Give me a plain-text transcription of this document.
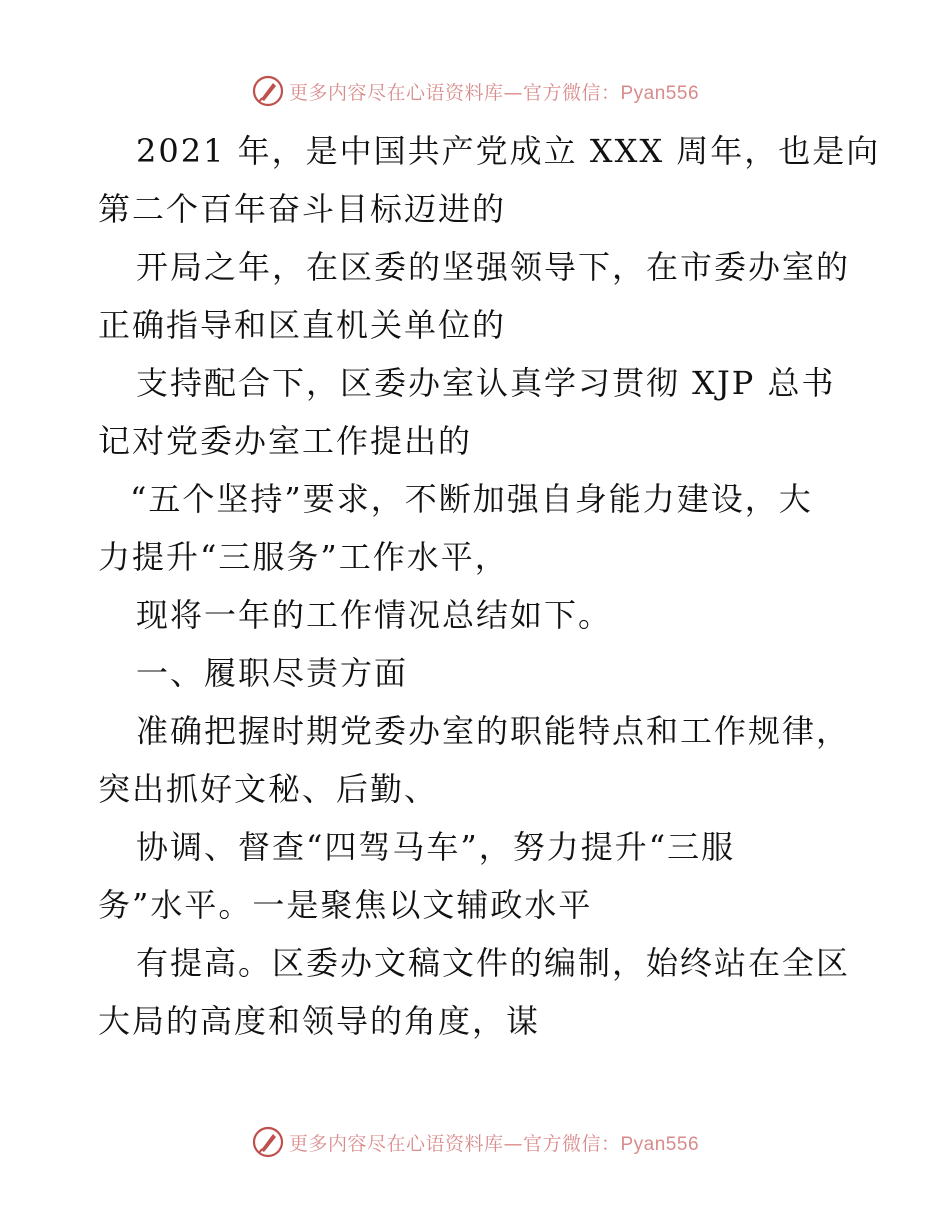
更多内容尽在心语资料库—官方微信：Pyan556
2021 年，是中国共产党成立 XXX 周年，也是向
第二个百年奋斗目标迈进的
开局之年，在区委的坚强领导下，在市委办室的
正确指导和区直机关单位的
支持配合下，区委办室认真学习贯彻 XJP 总书
记对党委办室工作提出的
“五个坚持”要求，不断加强自身能力建设，大
力提升“三服务”工作水平，
现将一年的工作情况总结如下。
一、履职尽责方面
准确把握时期党委办室的职能特点和工作规律，
突出抓好文秘、后勤、
协调、督查“四驾马车”，努力提升“三服
务”水平。一是聚焦以文辅政水平
有提高。区委办文稿文件的编制，始终站在全区
大局的高度和领导的角度，谋
更多内容尽在心语资料库—官方微信：Pyan556
